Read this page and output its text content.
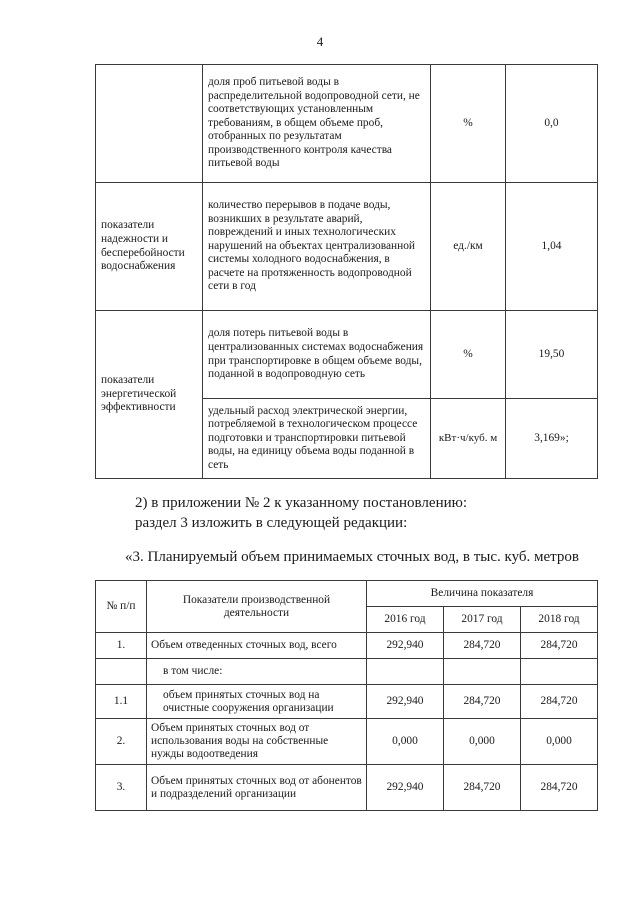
4
	доля проб питьевой воды в распределительной водопроводной сети, не соответствующих установленным требованиям, в общем объеме проб, отобранных по результатам производственного контроля качества питьевой воды	%	0,0
показатели надежности и бесперебойности водоснабжения	количество перерывов в подаче воды, возникших в результате аварий, повреждений и иных технологических нарушений на объектах централизованной системы холодного водоснабжения, в расчете на протяженность водопроводной сети в год	ед./км	1,04
показатели энергетической эффективности	доля потерь питьевой воды в централизованных системах водоснабжения при транспортировке в общем объеме воды, поданной в водопроводную сеть	%	19,50
	удельный расход электрической энергии, потребляемой в технологическом процессе подготовки и транспортировки питьевой воды, на единицу объема воды поданной в сеть	кВт·ч/куб. м	3,169»;
2) в приложении № 2 к указанному постановлению:
раздел 3 изложить в следующей редакции:
«3. Планируемый объем принимаемых сточных вод, в тыс. куб. метров
№ п/п	Показатели производственной деятельности	Величина показателя		
		2016 год	2017 год	2018 год
1.	Объем отведенных сточных вод, всего	292,940	284,720	284,720
	в том числе:			
1.1	объем принятых сточных вод на очистные сооружения организации	292,940	284,720	284,720
2.	Объем принятых сточных вод от использования воды на собственные нужды водоотведения	0,000	0,000	0,000
3.	Объем принятых сточных вод от абонентов и подразделений организации	292,940	284,720	284,720
